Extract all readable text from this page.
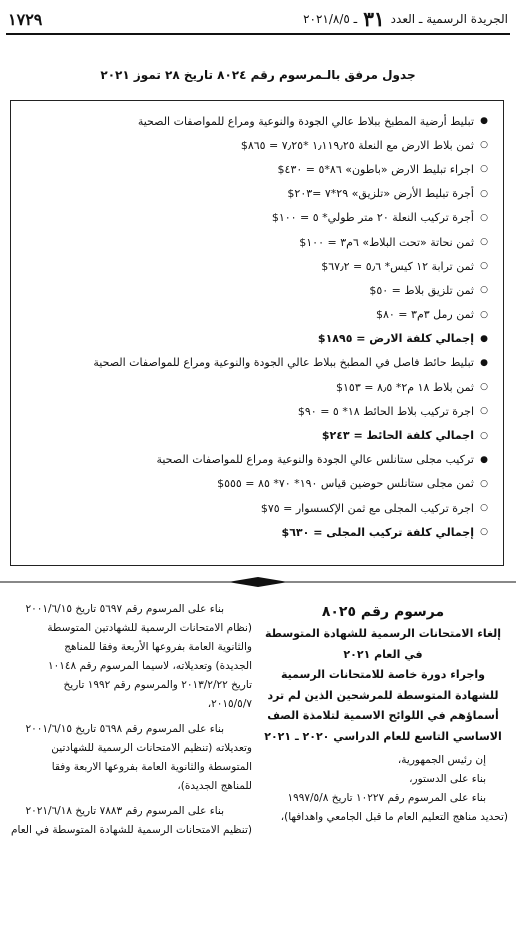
الجريدة الرسمية ـ العدد
٣١
ـ ٢٠٢١/٨/٥
١٧٢٩
جدول مرفق بالـمرسوم رقم ٨٠٢٤ تاريخ ٢٨ تموز ٢٠٢١
●
تبليط أرضية المطبخ ببلاط عالي الجودة والنوعية ومراع للمواصفات الصحية
○
ثمن بلاط الارض مع النعلة ١٫١١٩٫٢٥ *٧٫٢٥ = ٨٦٥$
○
اجراء تبليط الارض «باطون» ٨٦*٥ = ٤٣٠$
○
أجرة تبليط الأرض «تلزيق» ٢٩*٧ =٢٠٣$
○
أجرة تركيب النعلة ٢٠ متر طولي* ٥ = ١٠٠$
○
ثمن نحاتة «تحت البلاط» ٦م٣ = ١٠٠$
○
ثمن ترابة ١٢ كيس* ٥٫٦ = ٦٧٫٢$
○
ثمن تلزيق بلاط = ٥٠$
○
ثمن رمل ٣م٣ = ٨٠$
●
إجمالي كلفة الارض = ١٨٩٥$
●
تبليط حائط فاصل في المطبخ ببلاط عالي الجودة والنوعية ومراع للمواصفات الصحية
○
ثمن بلاط ١٨ م٢* ٨٫٥ = ١٥٣$
○
اجرة تركيب بلاط الحائط ١٨* ٥ = ٩٠$
○
اجمالي كلفة الحائط = ٢٤٣$
●
تركيب مجلى ستانلس عالي الجودة والنوعية ومراع للمواصفات الصحية
○
ثمن مجلى ستانلس حوضين قياس ١٩٠* ٧٠* ٨٥ = ٥٥٥$
○
اجرة تركيب المجلى مع ثمن الإكسسوار = ٧٥$
○
إجمالي كلفة تركيب المجلى = ٦٣٠$
مرسوم رقم ٨٠٢٥
إلغاء الامتحانات الرسمية للشهادة المتوسطة
في العام ٢٠٢١
واجراء دورة خاصة للامتحانات الرسمية
للشهادة المتوسطة للمرشحين الذين لم ترد
أسماؤهم في اللوائح الاسمية لتلامذة الصف
الاساسي التاسع للعام الدراسي ٢٠٢٠ ـ ٢٠٢١
إن رئيس الجمهورية،
بناء على الدستور،
بناء على المرسوم رقم ١٠٢٢٧ تاريخ ١٩٩٧/٥/٨
(تحديد مناهج التعليم العام ما قبل الجامعي واهدافها)،
بناء على المرسوم رقم ٥٦٩٧ تاريخ ٢٠٠١/٦/١٥
(نظام الامتحانات الرسمية للشهادتين المتوسطة
والثانوية العامة بفروعها الأربعة وفقا للمناهج
الجديدة) وتعديلاته، لاسيما المرسوم رقم ١٠١٤٨
تاريخ ٢٠١٣/٢/٢٢ والمرسوم رقم ١٩٩٢ تاريخ
٢٠١٥/٥/٧،
بناء على المرسوم رقم ٥٦٩٨ تاريخ ٢٠٠١/٦/١٥
وتعديلاته (تنظيم الامتحانات الرسمية للشهادتين
المتوسطة والثانوية العامة بفروعها الاربعة وفقا
للمناهج الجديدة)،
بناء على المرسوم رقم ٧٨٨٣ تاريخ ٢٠٢١/٦/١٨
(تنظيم الامتحانات الرسمية للشهادة المتوسطة في العام
